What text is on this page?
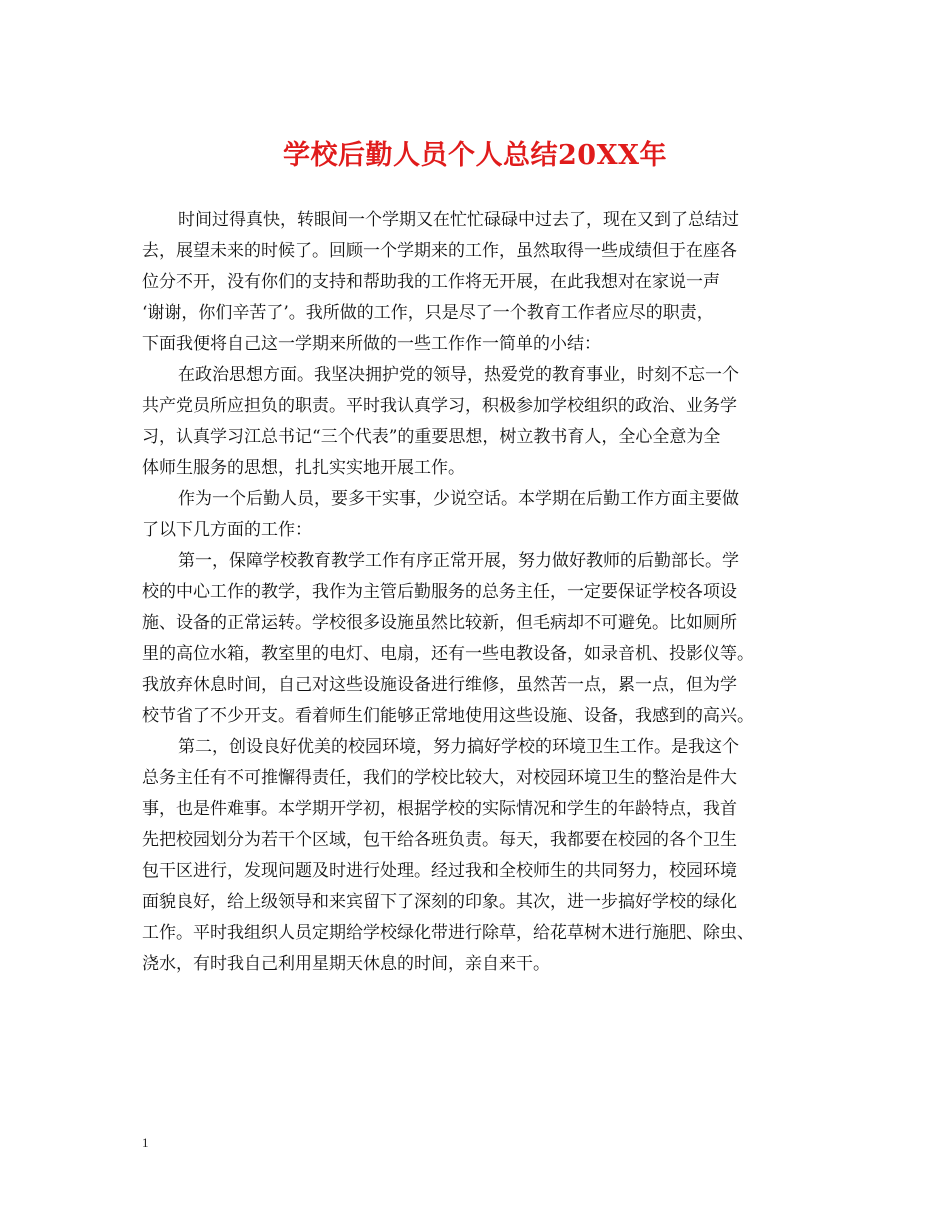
学校后勤人员个人总结20XX年
时间过得真快，转眼间一个学期又在忙忙碌碌中过去了，现在又到了总结过
去，展望未来的时候了。回顾一个学期来的工作，虽然取得一些成绩但于在座各
位分不开，没有你们的支持和帮助我的工作将无开展，在此我想对在家说一声
‘谢谢，你们辛苦了’。我所做的工作，只是尽了一个教育工作者应尽的职责，
下面我便将自己这一学期来所做的一些工作作一简单的小结：
在政治思想方面。我坚决拥护党的领导，热爱党的教育事业，时刻不忘一个
共产党员所应担负的职责。平时我认真学习，积极参加学校组织的政治、业务学
习，认真学习江总书记“三个代表”的重要思想，树立教书育人，全心全意为全
体师生服务的思想，扎扎实实地开展工作。
作为一个后勤人员，要多干实事，少说空话。本学期在后勤工作方面主要做
了以下几方面的工作：
第一，保障学校教育教学工作有序正常开展，努力做好教师的后勤部长。学
校的中心工作的教学，我作为主管后勤服务的总务主任，一定要保证学校各项设
施、设备的正常运转。学校很多设施虽然比较新，但毛病却不可避免。比如厕所
里的高位水箱，教室里的电灯、电扇，还有一些电教设备，如录音机、投影仪等。
我放弃休息时间，自己对这些设施设备进行维修，虽然苦一点，累一点，但为学
校节省了不少开支。看着师生们能够正常地使用这些设施、设备，我感到的高兴。
第二，创设良好优美的校园环境，努力搞好学校的环境卫生工作。是我这个
总务主任有不可推懈得责任，我们的学校比较大，对校园环境卫生的整治是件大
事，也是件难事。本学期开学初，根据学校的实际情况和学生的年龄特点，我首
先把校园划分为若干个区域，包干给各班负责。每天，我都要在校园的各个卫生
包干区进行，发现问题及时进行处理。经过我和全校师生的共同努力，校园环境
面貌良好，给上级领导和来宾留下了深刻的印象。其次，进一步搞好学校的绿化
工作。平时我组织人员定期给学校绿化带进行除草，给花草树木进行施肥、除虫、
浇水，有时我自己利用星期天休息的时间，亲自来干。
1
